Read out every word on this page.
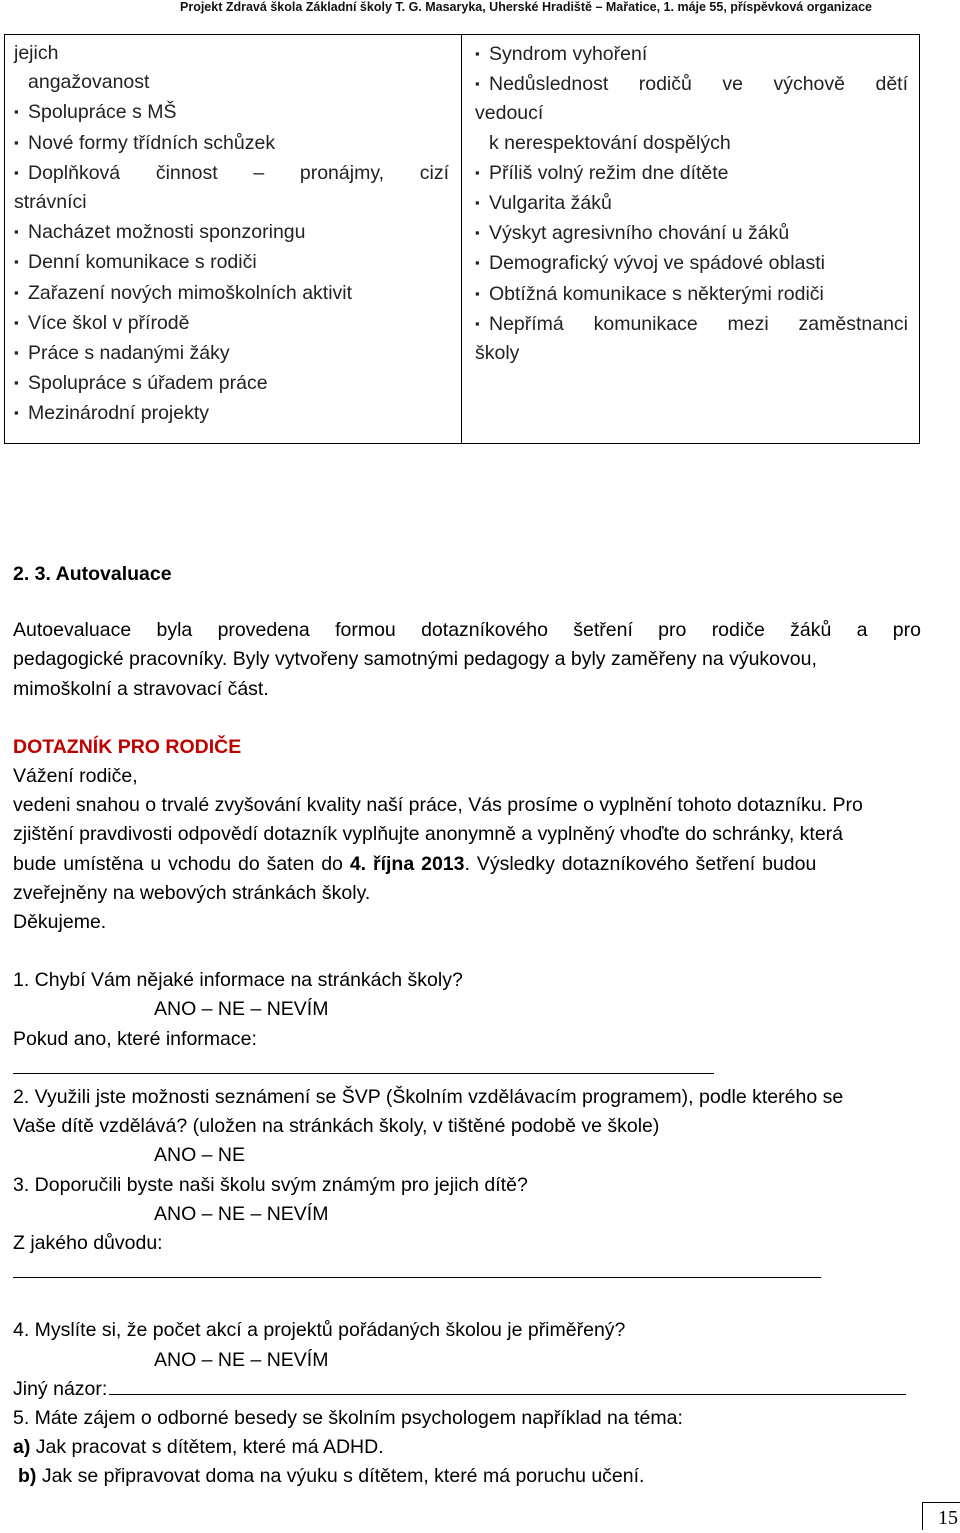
Projekt Zdravá škola Základní školy T. G. Masaryka, Uherské Hradiště – Mařatice, 1. máje 55, příspěvková organizace

jejich

angažovanost

▪ Spolupráce s MŠ

▪ Nové formy třídních schůzek

▪ Doplňková činnost – pronájmy, cizí

strávníci

▪ Nacházet možnosti sponzoringu

▪ Denní komunikace s rodiči

▪ Zařazení nových mimoškolních aktivit

▪ Více škol v přírodě

▪ Práce s nadanými žáky

▪ Spolupráce s úřadem práce

▪ Mezinárodní projekty

▪ Syndrom vyhoření

▪ Nedůslednost rodičů ve výchově dětí

vedoucí

k nerespektování dospělých

▪ Příliš volný režim dne dítěte

▪ Vulgarita žáků

▪ Výskyt agresivního chování u žáků

▪ Demografický vývoj ve spádové oblasti

▪ Obtížná komunikace s některými rodiči

▪ Nepřímá komunikace mezi zaměstnanci

školy

2. 3. Autovaluace

Autoevaluace byla provedena formou dotazníkového šetření pro rodiče žáků a pro

pedagogické pracovníky. Byly vytvořeny samotnými pedagogy a byly zaměřeny na výukovou,

mimoškolní a stravovací část.

DOTAZNÍK PRO RODIČE

Vážení rodiče,

vedeni snahou o trvalé zvyšování kvality naší práce, Vás prosíme o vyplnění tohoto dotazníku. Pro

zjištění pravdivosti odpovědí dotazník vyplňujte anonymně a vyplněný vhoďte do schránky, která

bude umístěna u vchodu do šaten do 4. října 2013. Výsledky dotazníkového šetření budou

zveřejněny na webových stránkách školy.

Děkujeme.

1. Chybí Vám nějaké informace na stránkách školy?

ANO – NE – NEVÍM

Pokud ano, které informace:

2. Využili jste možnosti seznámení se ŠVP (Školním vzdělávacím programem), podle kterého se

Vaše dítě vzdělává? (uložen na stránkách školy, v tištěné podobě ve škole)

ANO – NE

3. Doporučili byste naši školu svým známým pro jejich dítě?

ANO – NE – NEVÍM

Z jakého důvodu:

4. Myslíte si, že počet akcí a projektů pořádaných školou je přiměřený?

ANO – NE – NEVÍM

Jiný názor:

5. Máte zájem o odborné besedy se školním psychologem například na téma:

a) Jak pracovat s dítětem, které má ADHD.

b) Jak se připravovat doma na výuku s dítětem, které má poruchu učení.

15
